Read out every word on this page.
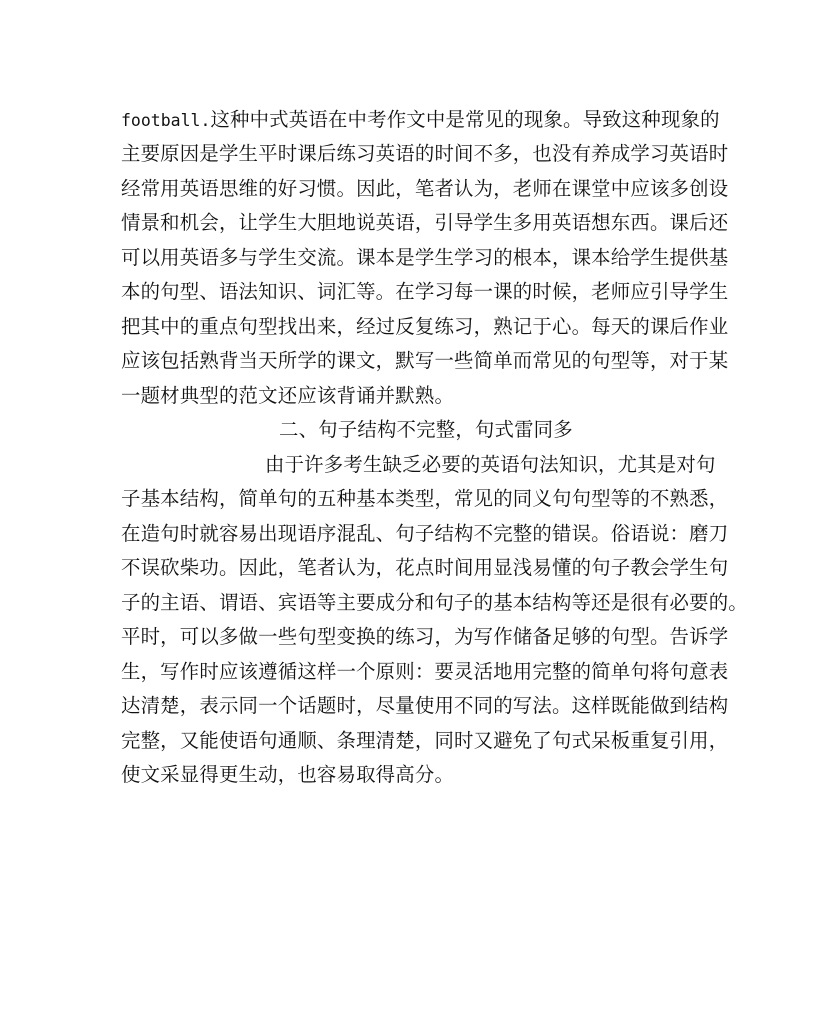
football.这种中式英语在中考作文中是常见的现象。导致这种现象的
主要原因是学生平时课后练习英语的时间不多，也没有养成学习英语时
经常用英语思维的好习惯。因此，笔者认为，老师在课堂中应该多创设
情景和机会，让学生大胆地说英语，引导学生多用英语想东西。课后还
可以用英语多与学生交流。课本是学生学习的根本，课本给学生提供基
本的句型、语法知识、词汇等。在学习每一课的时候，老师应引导学生
把其中的重点句型找出来，经过反复练习，熟记于心。每天的课后作业
应该包括熟背当天所学的课文，默写一些简单而常见的句型等，对于某
一题材典型的范文还应该背诵并默熟。
二、句子结构不完整，句式雷同多
由于许多考生缺乏必要的英语句法知识，尤其是对句
子基本结构，简单句的五种基本类型，常见的同义句句型等的不熟悉，
在造句时就容易出现语序混乱、句子结构不完整的错误。俗语说：磨刀
不误砍柴功。因此，笔者认为，花点时间用显浅易懂的句子教会学生句
子的主语、谓语、宾语等主要成分和句子的基本结构等还是很有必要的。
平时，可以多做一些句型变换的练习，为写作储备足够的句型。告诉学
生，写作时应该遵循这样一个原则：要灵活地用完整的简单句将句意表
达清楚，表示同一个话题时，尽量使用不同的写法。这样既能做到结构
完整，又能使语句通顺、条理清楚，同时又避免了句式呆板重复引用，
使文采显得更生动，也容易取得高分。
